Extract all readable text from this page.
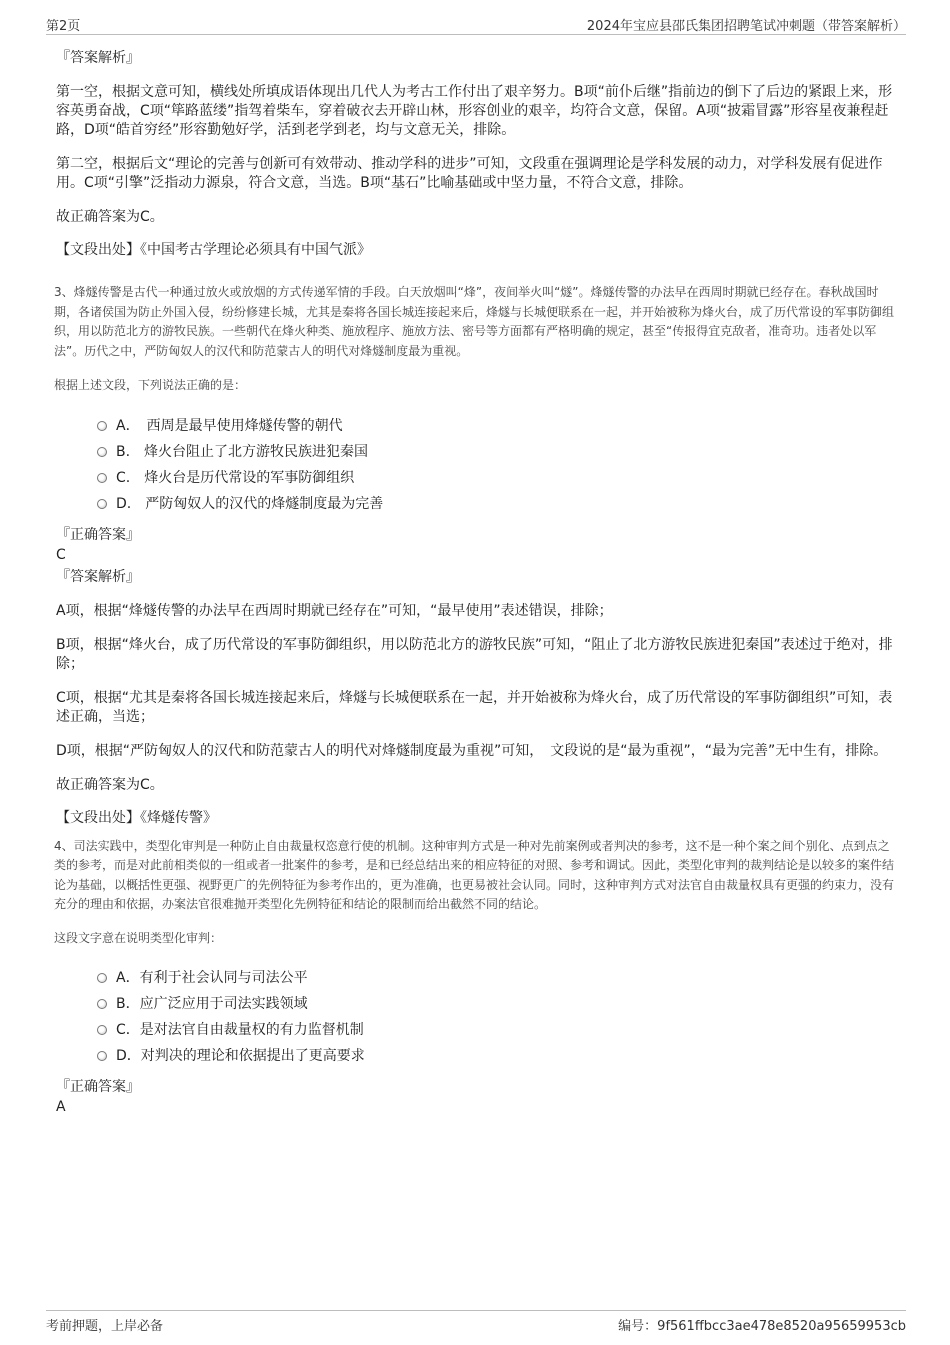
第2页	2024年宝应县邵氏集团招聘笔试冲刺题（带答案解析）

『答案解析』

第一空，根据文意可知，横线处所填成语体现出几代人为考古工作付出了艰辛努力。B项“前仆后继”指前边的倒下了后边的紧跟上来，形容英勇奋战，C项“筚路蓝缕”指驾着柴车，穿着破衣去开辟山林，形容创业的艰辛，均符合文意，保留。A项“披霜冒露”形容星夜兼程赶路，D项“皓首穷经”形容勤勉好学，活到老学到老，均与文意无关，排除。

第二空，根据后文“理论的完善与创新可有效带动、推动学科的进步”可知，文段重在强调理论是学科发展的动力，对学科发展有促进作用。C项“引擎”泛指动力源泉，符合文意，当选。B项“基石”比喻基础或中坚力量，不符合文意，排除。

故正确答案为C。

【文段出处】《中国考古学理论必须具有中国气派》

3、烽燧传警是古代一种通过放火或放烟的方式传递军情的手段。白天放烟叫“烽”，夜间举火叫“燧”。烽燧传警的办法早在西周时期就已经存在。春秋战国时期，各诸侯国为防止外国入侵，纷纷修建长城，尤其是秦将各国长城连接起来后，烽燧与长城便联系在一起，并开始被称为烽火台，成了历代常设的军事防御组织，用以防范北方的游牧民族。一些朝代在烽火种类、施放程序、施放方法、密号等方面都有严格明确的规定，甚至“传报得宜克敌者，准奇功。违者处以军法”。历代之中，严防匈奴人的汉代和防范蒙古人的明代对烽燧制度最为重视。

根据上述文段，下列说法正确的是：

A．　西周是最早使用烽燧传警的朝代
B.　烽火台阻止了北方游牧民族进犯秦国
C.　烽火台是历代常设的军事防御组织
D.　严防匈奴人的汉代的烽燧制度最为完善

『正确答案』

C

『答案解析』

A项，根据“烽燧传警的办法早在西周时期就已经存在”可知，“最早使用”表述错误，排除；

B项，根据“烽火台，成了历代常设的军事防御组织，用以防范北方的游牧民族”可知，“阻止了北方游牧民族进犯秦国”表述过于绝对，排除；

C项，根据“尤其是秦将各国长城连接起来后，烽燧与长城便联系在一起，并开始被称为烽火台，成了历代常设的军事防御组织”可知，表述正确，当选；

D项，根据“严防匈奴人的汉代和防范蒙古人的明代对烽燧制度最为重视”可知，　文段说的是“最为重视”，“最为完善”无中生有，排除。

故正确答案为C。

【文段出处】《烽燧传警》

4、司法实践中，类型化审判是一种防止自由裁量权恣意行使的机制。这种审判方式是一种对先前案例或者判决的参考，这不是一种个案之间个别化、点到点之类的参考，而是对此前相类似的一组或者一批案件的参考，是和已经总结出来的相应特征的对照、参考和调试。因此，类型化审判的裁判结论是以较多的案件结论为基础，以概括性更强、视野更广的先例特征为参考作出的，更为准确，也更易被社会认同。同时，这种审判方式对法官自由裁量权具有更强的约束力，没有充分的理由和依据，办案法官很难抛开类型化先例特征和结论的限制而给出截然不同的结论。

这段文字意在说明类型化审判：

A．有利于社会认同与司法公平
B．应广泛应用于司法实践领域
C．是对法官自由裁量权的有力监督机制
D．对判决的理论和依据提出了更高要求

『正确答案』

A

考前押题，上岸必备	编号：9f561ffbcc3ae478e8520a95659953cb
